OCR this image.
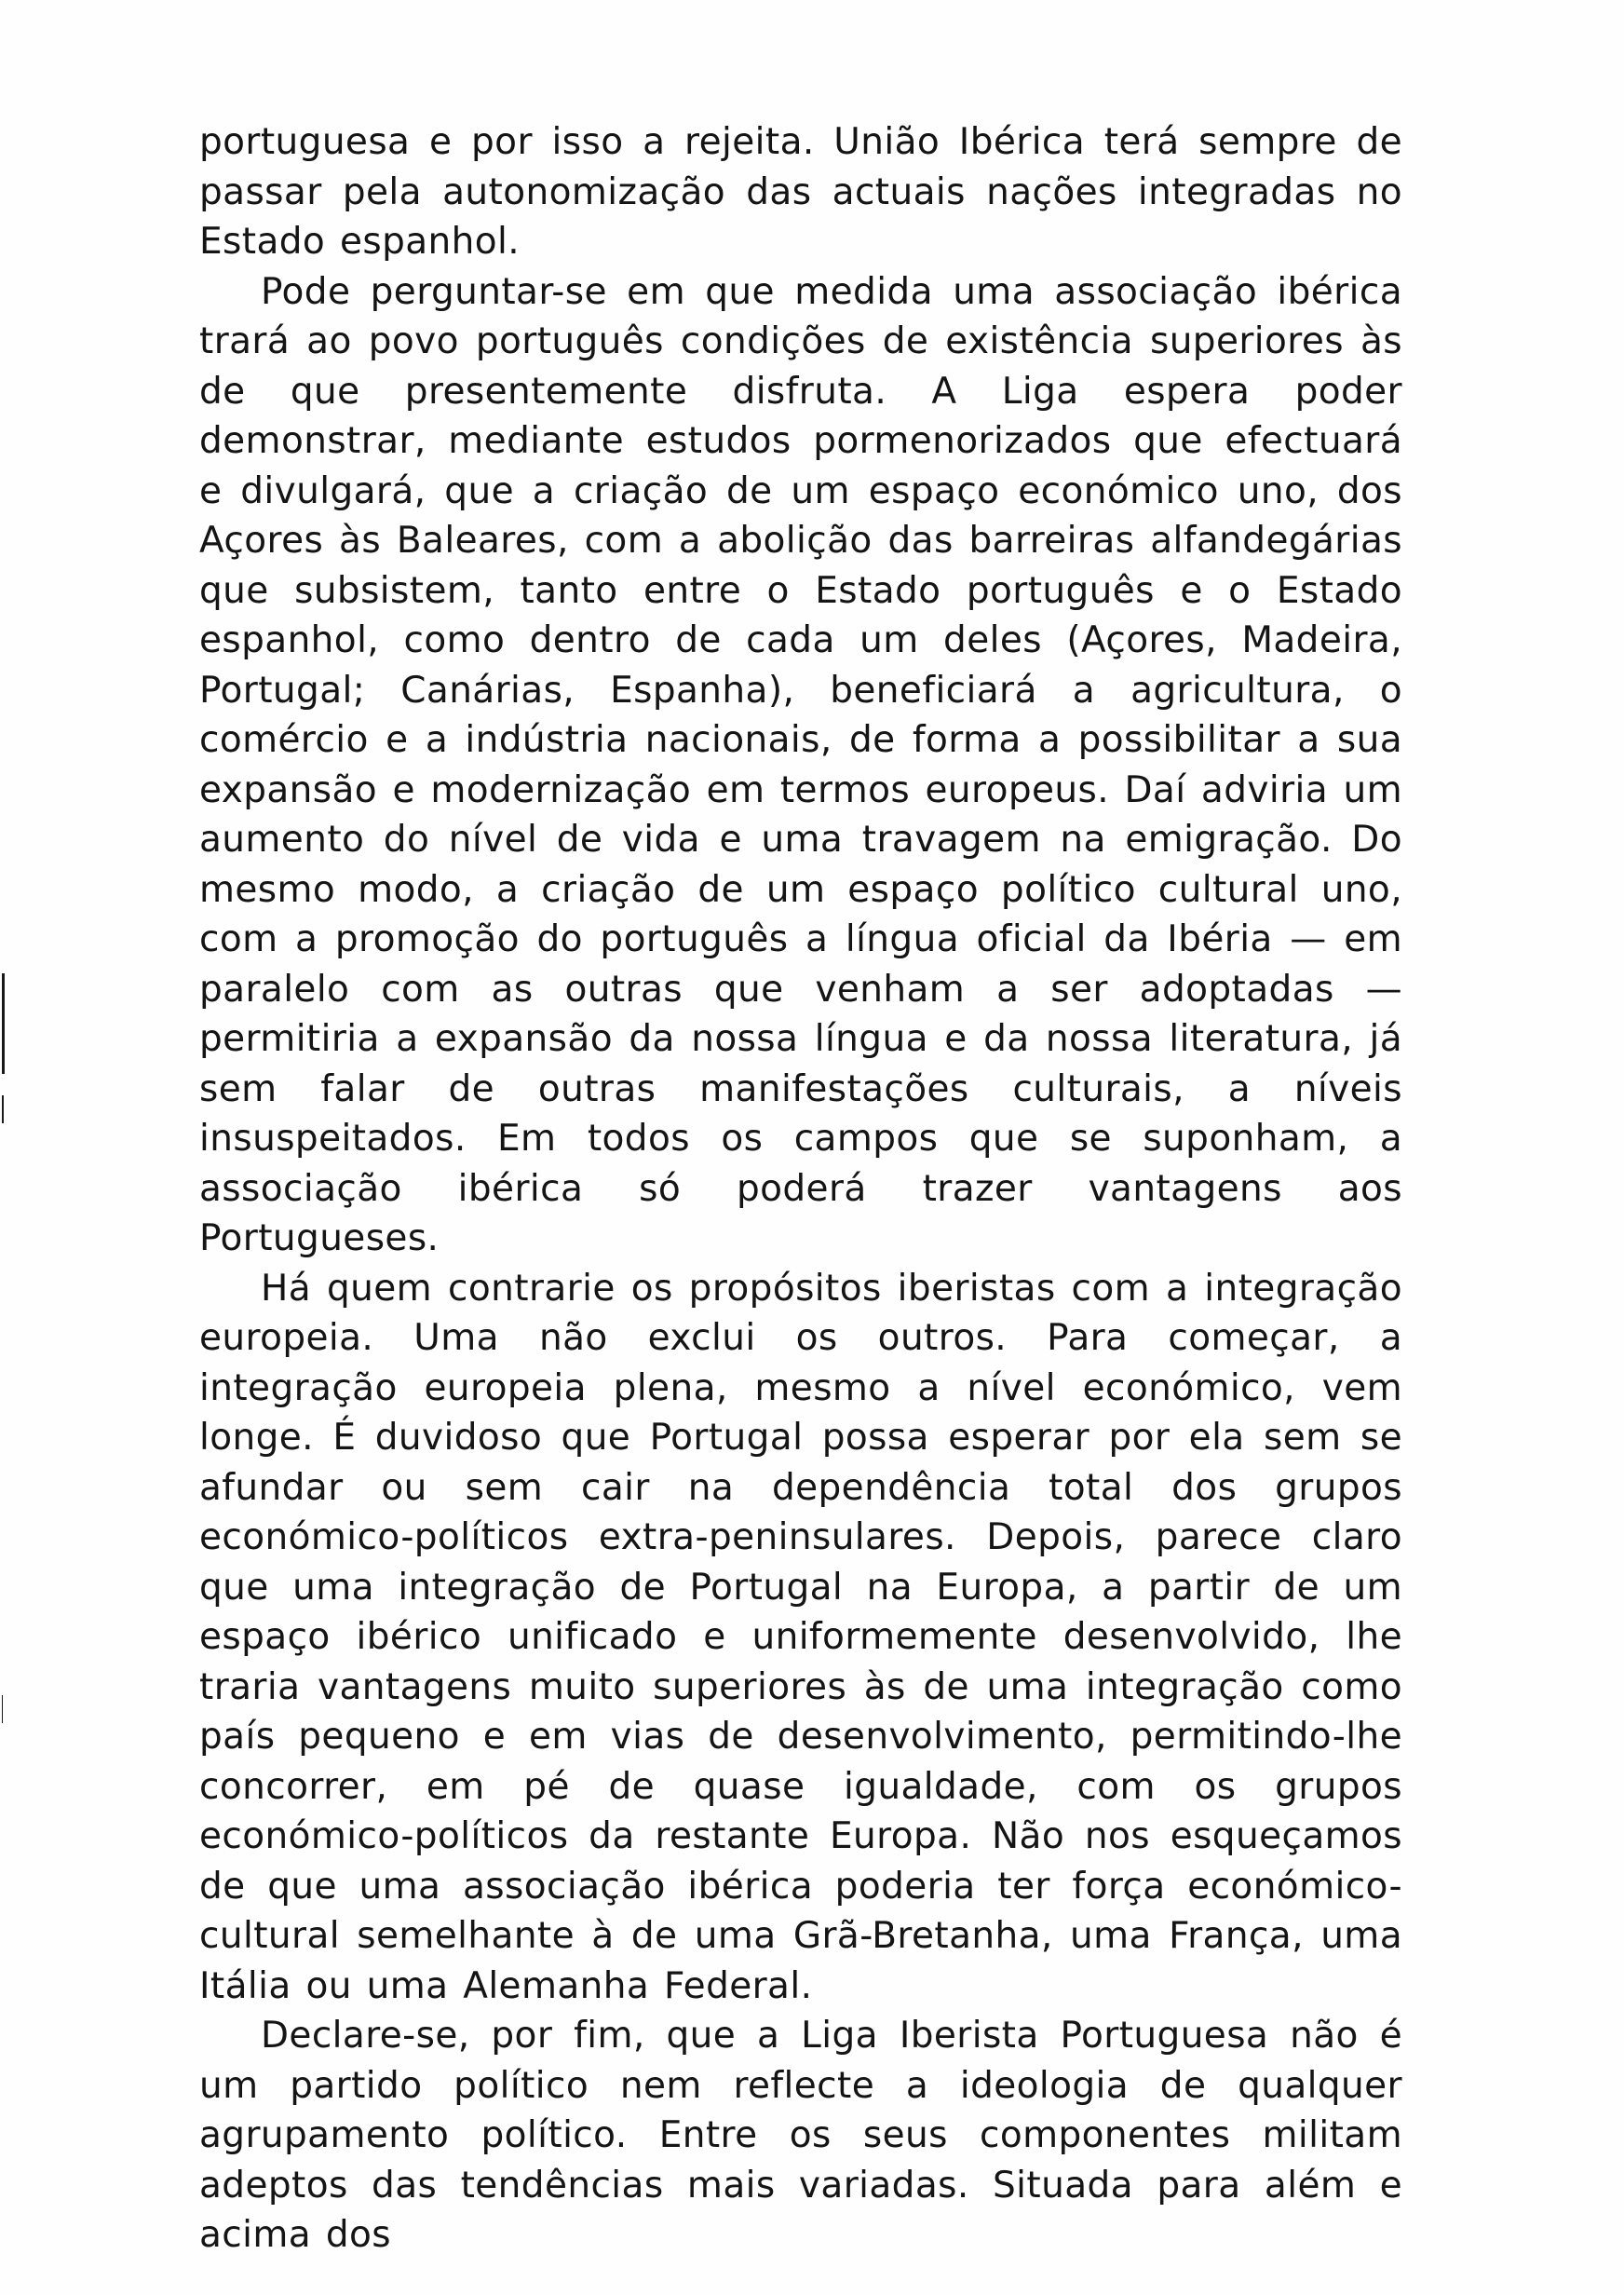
portuguesa e por isso a rejeita. União Ibérica terá sempre de passar pela autonomização das actuais nações integradas no Estado espanhol.

Pode perguntar-se em que medida uma associação ibérica trará ao povo português condições de existência superiores às de que presentemente disfruta. A Liga espera poder demonstrar, mediante estudos pormenorizados que efectuará e divulgará, que a criação de um espaço económico uno, dos Açores às Baleares, com a abolição das barreiras alfandegárias que subsistem, tanto entre o Estado português e o Estado espanhol, como dentro de cada um deles (Açores, Madeira, Portugal; Canárias, Espanha), beneficiará a agricultura, o comércio e a indústria nacionais, de forma a possibilitar a sua expansão e modernização em termos europeus. Daí adviria um aumento do nível de vida e uma travagem na emigração. Do mesmo modo, a criação de um espaço político cultural uno, com a promoção do português a língua oficial da Ibéria — em paralelo com as outras que venham a ser adoptadas — permitiria a expansão da nossa língua e da nossa literatura, já sem falar de outras manifestações culturais, a níveis insuspeitados. Em todos os campos que se suponham, a associação ibérica só poderá trazer vantagens aos Portugueses.

Há quem contrarie os propósitos iberistas com a integração europeia. Uma não exclui os outros. Para começar, a integração europeia plena, mesmo a nível económico, vem longe. É duvidoso que Portugal possa esperar por ela sem se afundar ou sem cair na dependência total dos grupos económico-políticos extra-peninsulares. Depois, parece claro que uma integração de Portugal na Europa, a partir de um espaço ibérico unificado e uniformemente desenvolvido, lhe traria vantagens muito superiores às de uma integração como país pequeno e em vias de desenvolvimento, permitindo-lhe concorrer, em pé de quase igualdade, com os grupos económico-políticos da restante Europa. Não nos esqueçamos de que uma associação ibérica poderia ter força económico-cultural semelhante à de uma Grã-Bretanha, uma França, uma Itália ou uma Alemanha Federal.

Declare-se, por fim, que a Liga Iberista Portuguesa não é um partido político nem reflecte a ideologia de qualquer agrupamento político. Entre os seus componentes militam adeptos das tendências mais variadas. Situada para além e acima dos
